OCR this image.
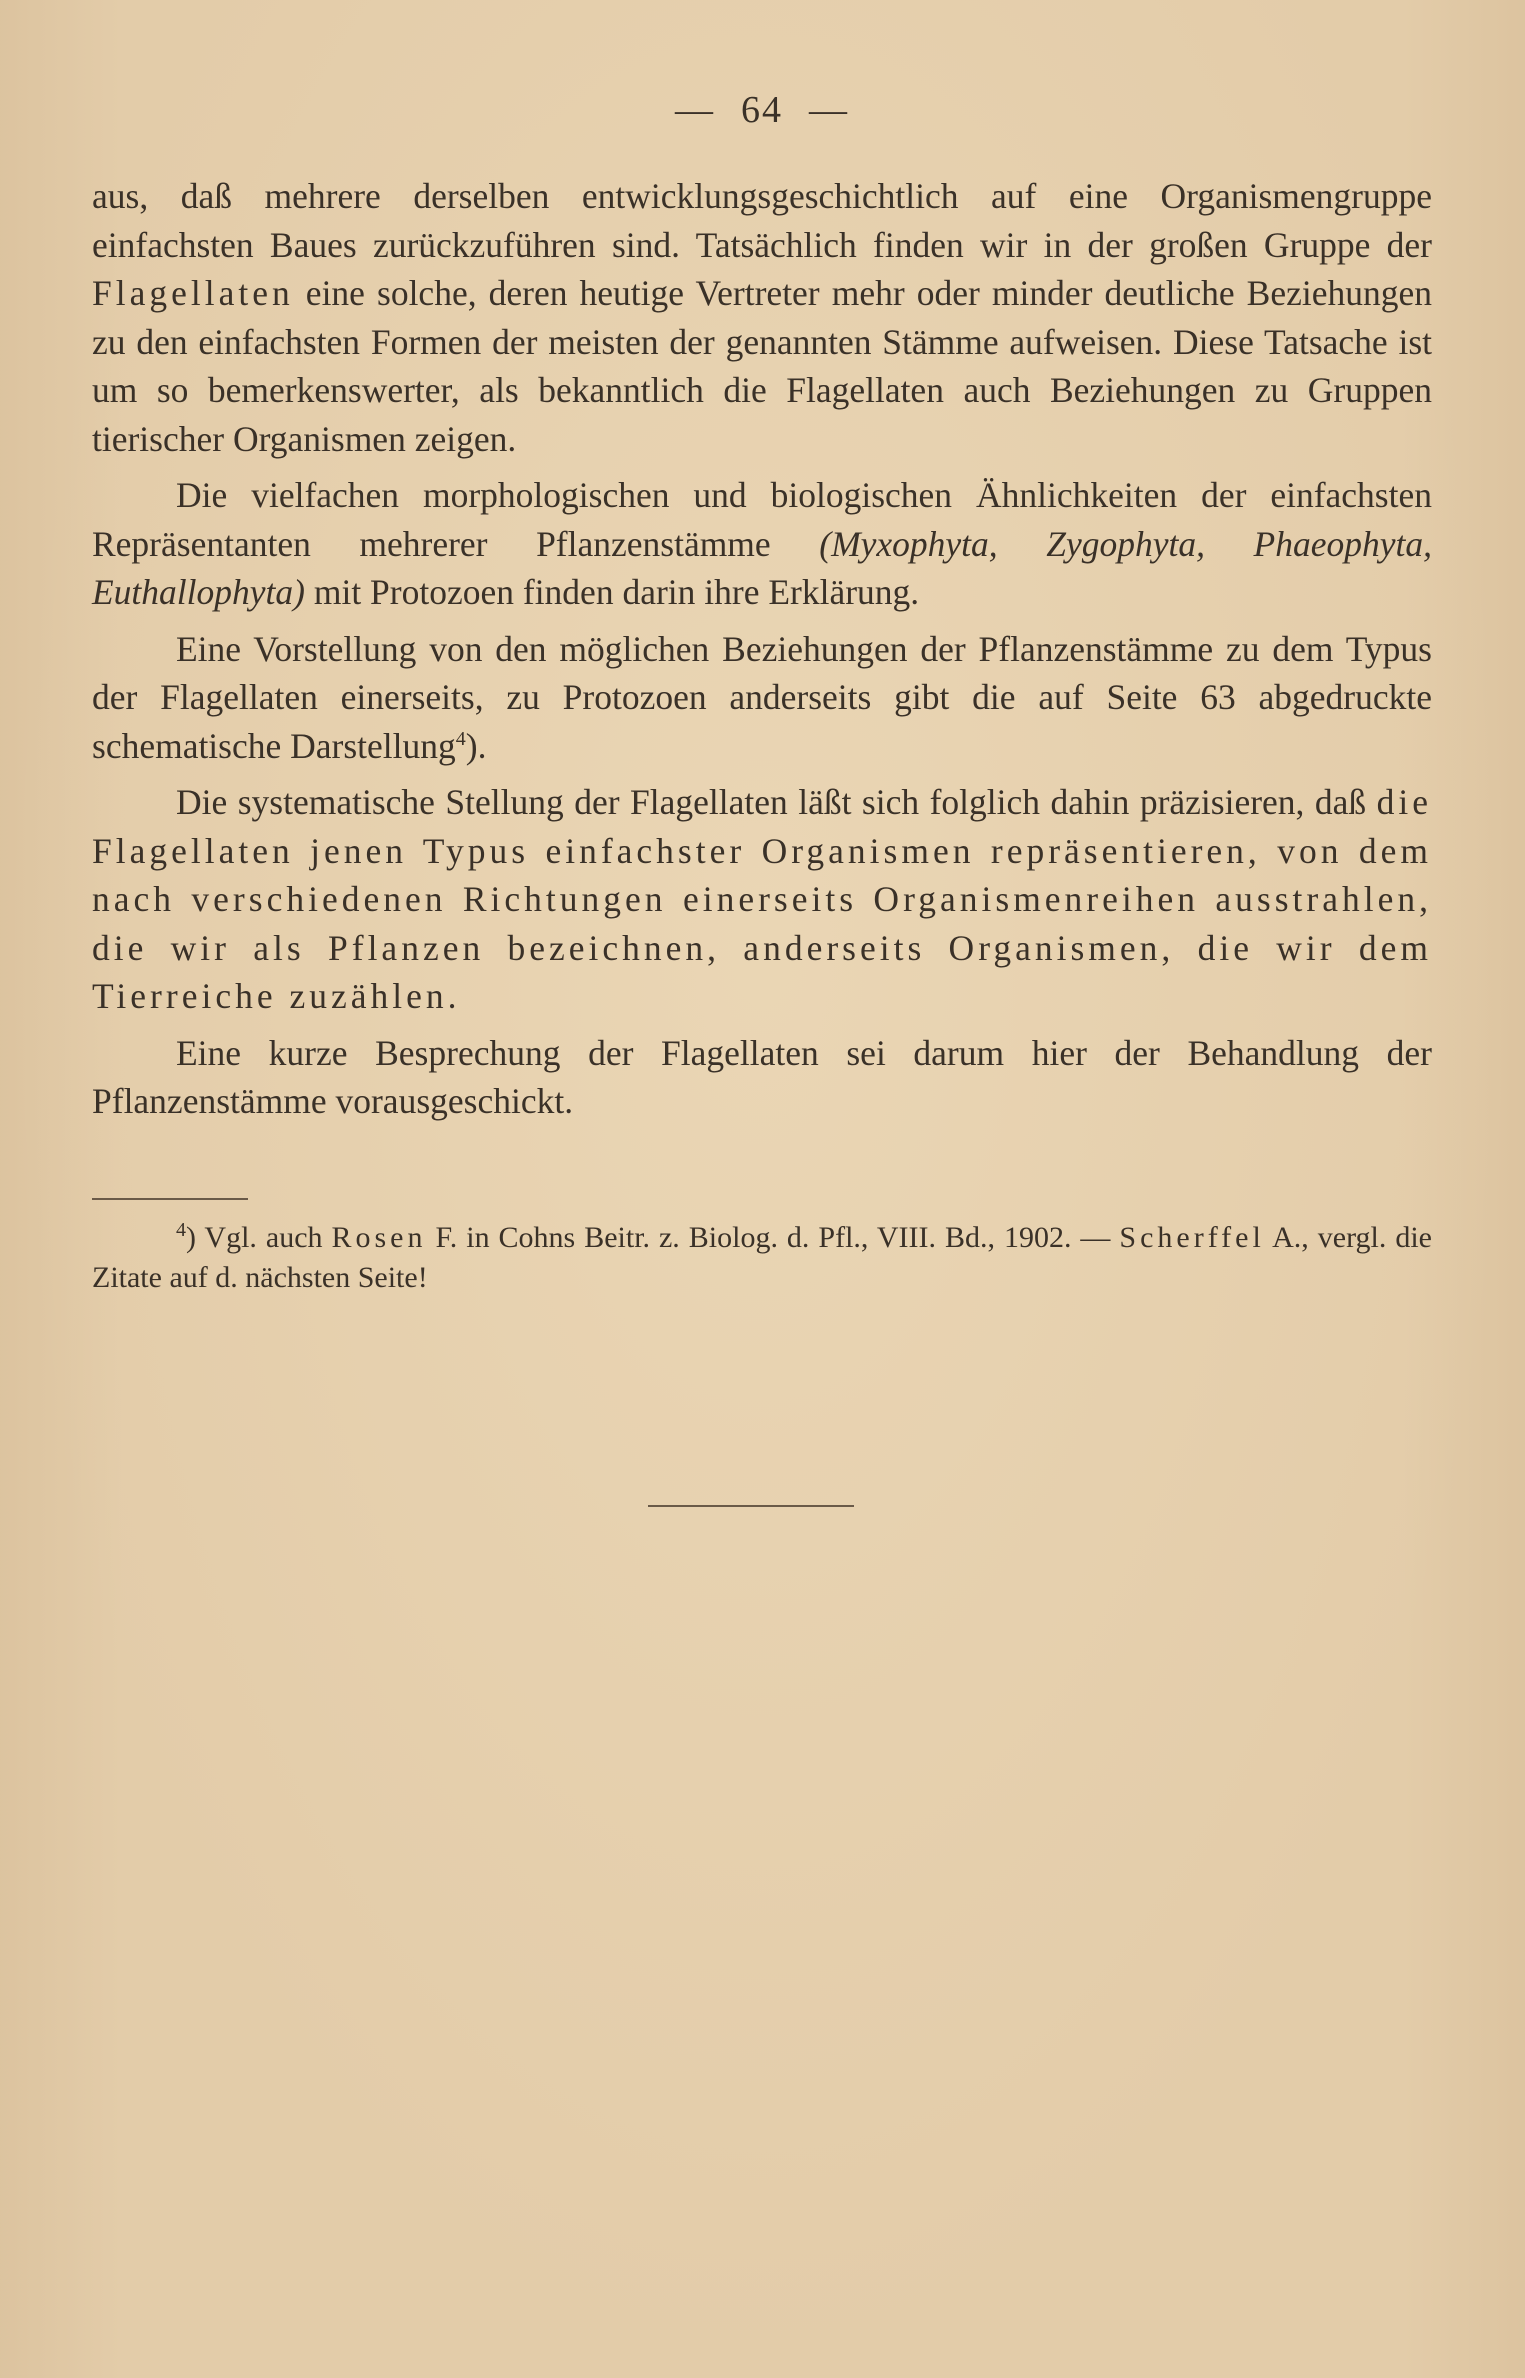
— 64 —

aus, daß mehrere derselben entwicklungsgeschichtlich auf eine Organismengruppe einfachsten Baues zurückzuführen sind. Tatsächlich finden wir in der großen Gruppe der Flagellaten eine solche, deren heutige Vertreter mehr oder minder deutliche Beziehungen zu den einfachsten Formen der meisten der genannten Stämme aufweisen. Diese Tatsache ist um so bemerkenswerter, als bekanntlich die Flagellaten auch Beziehungen zu Gruppen tierischer Organismen zeigen.

Die vielfachen morphologischen und biologischen Ähnlichkeiten der einfachsten Repräsentanten mehrerer Pflanzenstämme (Myxophyta, Zygophyta, Phaeophyta, Euthallophyta) mit Protozoen finden darin ihre Erklärung.

Eine Vorstellung von den möglichen Beziehungen der Pflanzenstämme zu dem Typus der Flagellaten einerseits, zu Protozoen anderseits gibt die auf Seite 63 abgedruckte schematische Darstellung$^4$).

Die systematische Stellung der Flagellaten läßt sich folglich dahin präzisieren, daß die Flagellaten jenen Typus einfachster Organismen repräsentieren, von dem nach verschiedenen Richtungen einerseits Organismenreihen ausstrahlen, die wir als Pflanzen bezeichnen, anderseits Organismen, die wir dem Tierreiche zuzählen.

Eine kurze Besprechung der Flagellaten sei darum hier der Behandlung der Pflanzenstämme vorausgeschickt.

$^4$) Vgl. auch Rosen F. in Cohns Beitr. z. Biolog. d. Pfl., VIII. Bd., 1902. — Scherffel A., vergl. die Zitate auf d. nächsten Seite!
